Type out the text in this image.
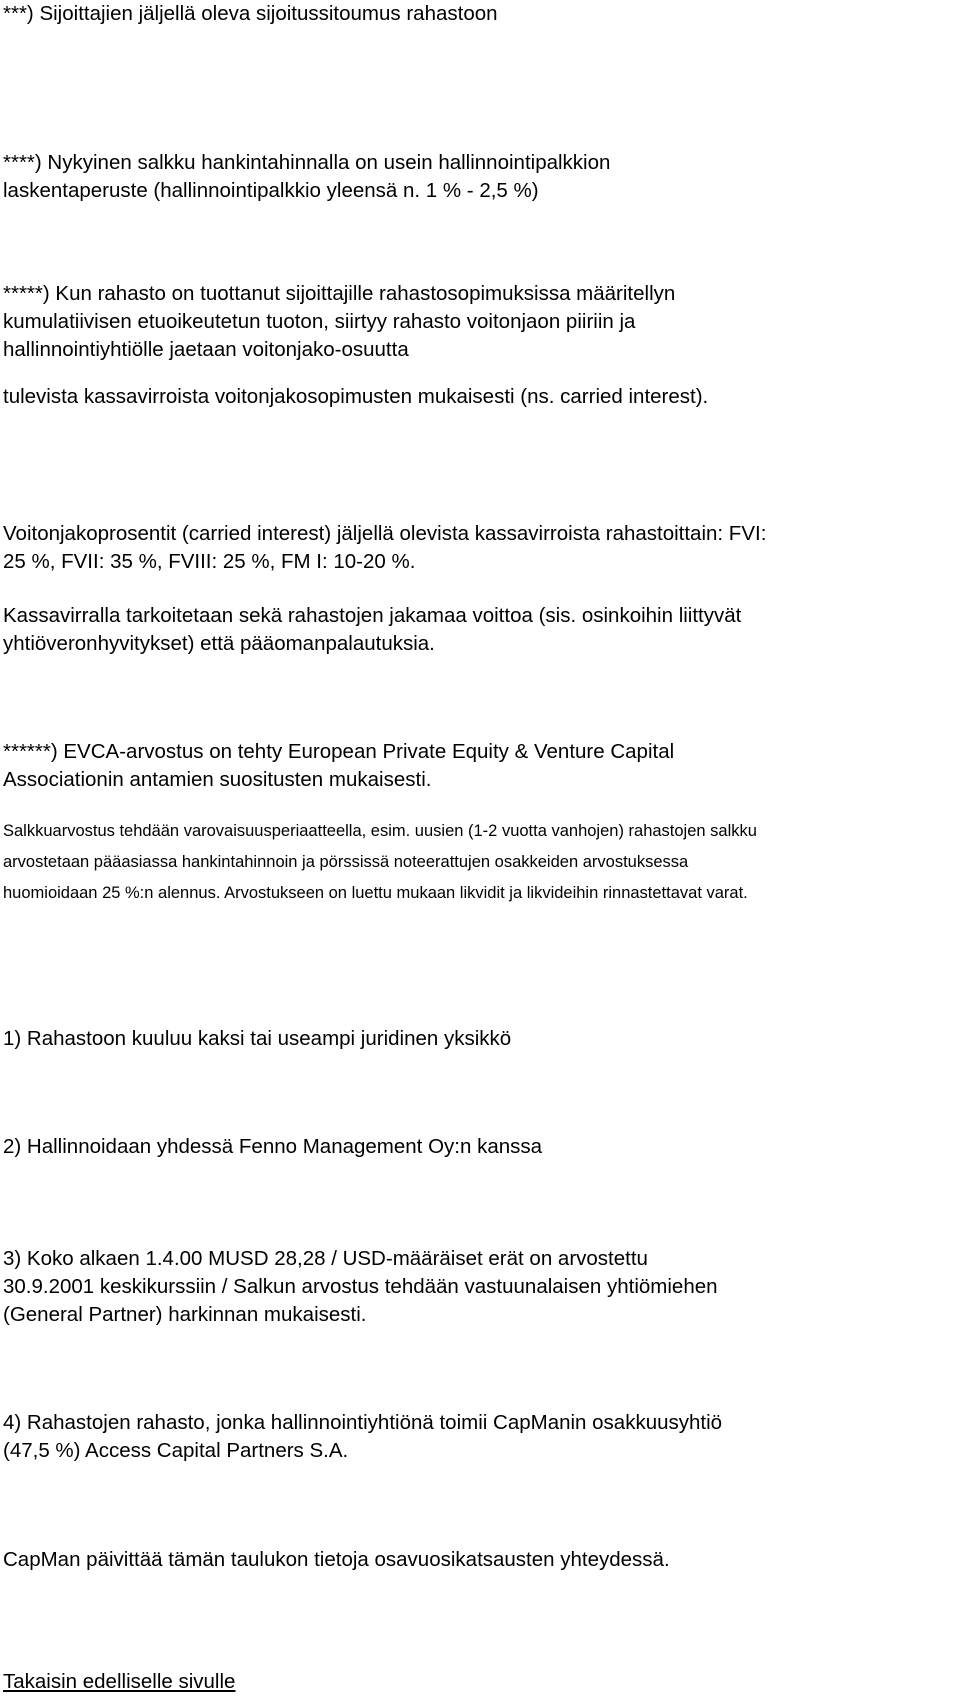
***) Sijoittajien jäljellä oleva sijoitussitoumus rahastoon

****) Nykyinen salkku hankintahinnalla on usein hallinnointipalkkion
laskentaperuste (hallinnointipalkkio yleensä n. 1 % - 2,5 %)

*****) Kun rahasto on tuottanut sijoittajille rahastosopimuksissa määritellyn
kumulatiivisen etuoikeutetun tuoton, siirtyy rahasto voitonjaon piiriin ja
hallinnointiyhtiölle jaetaan voitonjako-osuutta

tulevista kassavirroista voitonjakosopimusten mukaisesti (ns. carried interest).

Voitonjakoprosentit (carried interest) jäljellä olevista kassavirroista rahastoittain: FVI:
25 %, FVII: 35 %, FVIII: 25 %, FM I: 10-20 %.

Kassavirralla tarkoitetaan sekä rahastojen jakamaa voittoa (sis. osinkoihin liittyvät
yhtiöveronhyvitykset) että pääomanpalautuksia.

******) EVCA-arvostus on tehty European Private Equity & Venture Capital
Associationin antamien suositusten mukaisesti.

Salkkuarvostus tehdään varovaisuusperiaatteella, esim. uusien (1-2 vuotta vanhojen) rahastojen salkku
arvostetaan pääasiassa hankintahinnoin ja pörssissä noteerattujen osakkeiden arvostuksessa
huomioidaan 25 %:n alennus. Arvostukseen on luettu mukaan likvidit ja likvideihin rinnastettavat varat.

1) Rahastoon kuuluu kaksi tai useampi juridinen yksikkö

2) Hallinnoidaan yhdessä Fenno Management Oy:n kanssa

3) Koko alkaen 1.4.00 MUSD 28,28 / USD-määräiset erät on arvostettu
30.9.2001 keskikurssiin / Salkun arvostus tehdään vastuunalaisen yhtiömiehen
(General Partner) harkinnan mukaisesti.

4) Rahastojen rahasto, jonka hallinnointiyhtiönä toimii CapManin osakkuusyhtiö
(47,5 %) Access Capital Partners S.A.

CapMan päivittää tämän taulukon tietoja osavuosikatsausten yhteydessä.

Takaisin edelliselle sivulle
